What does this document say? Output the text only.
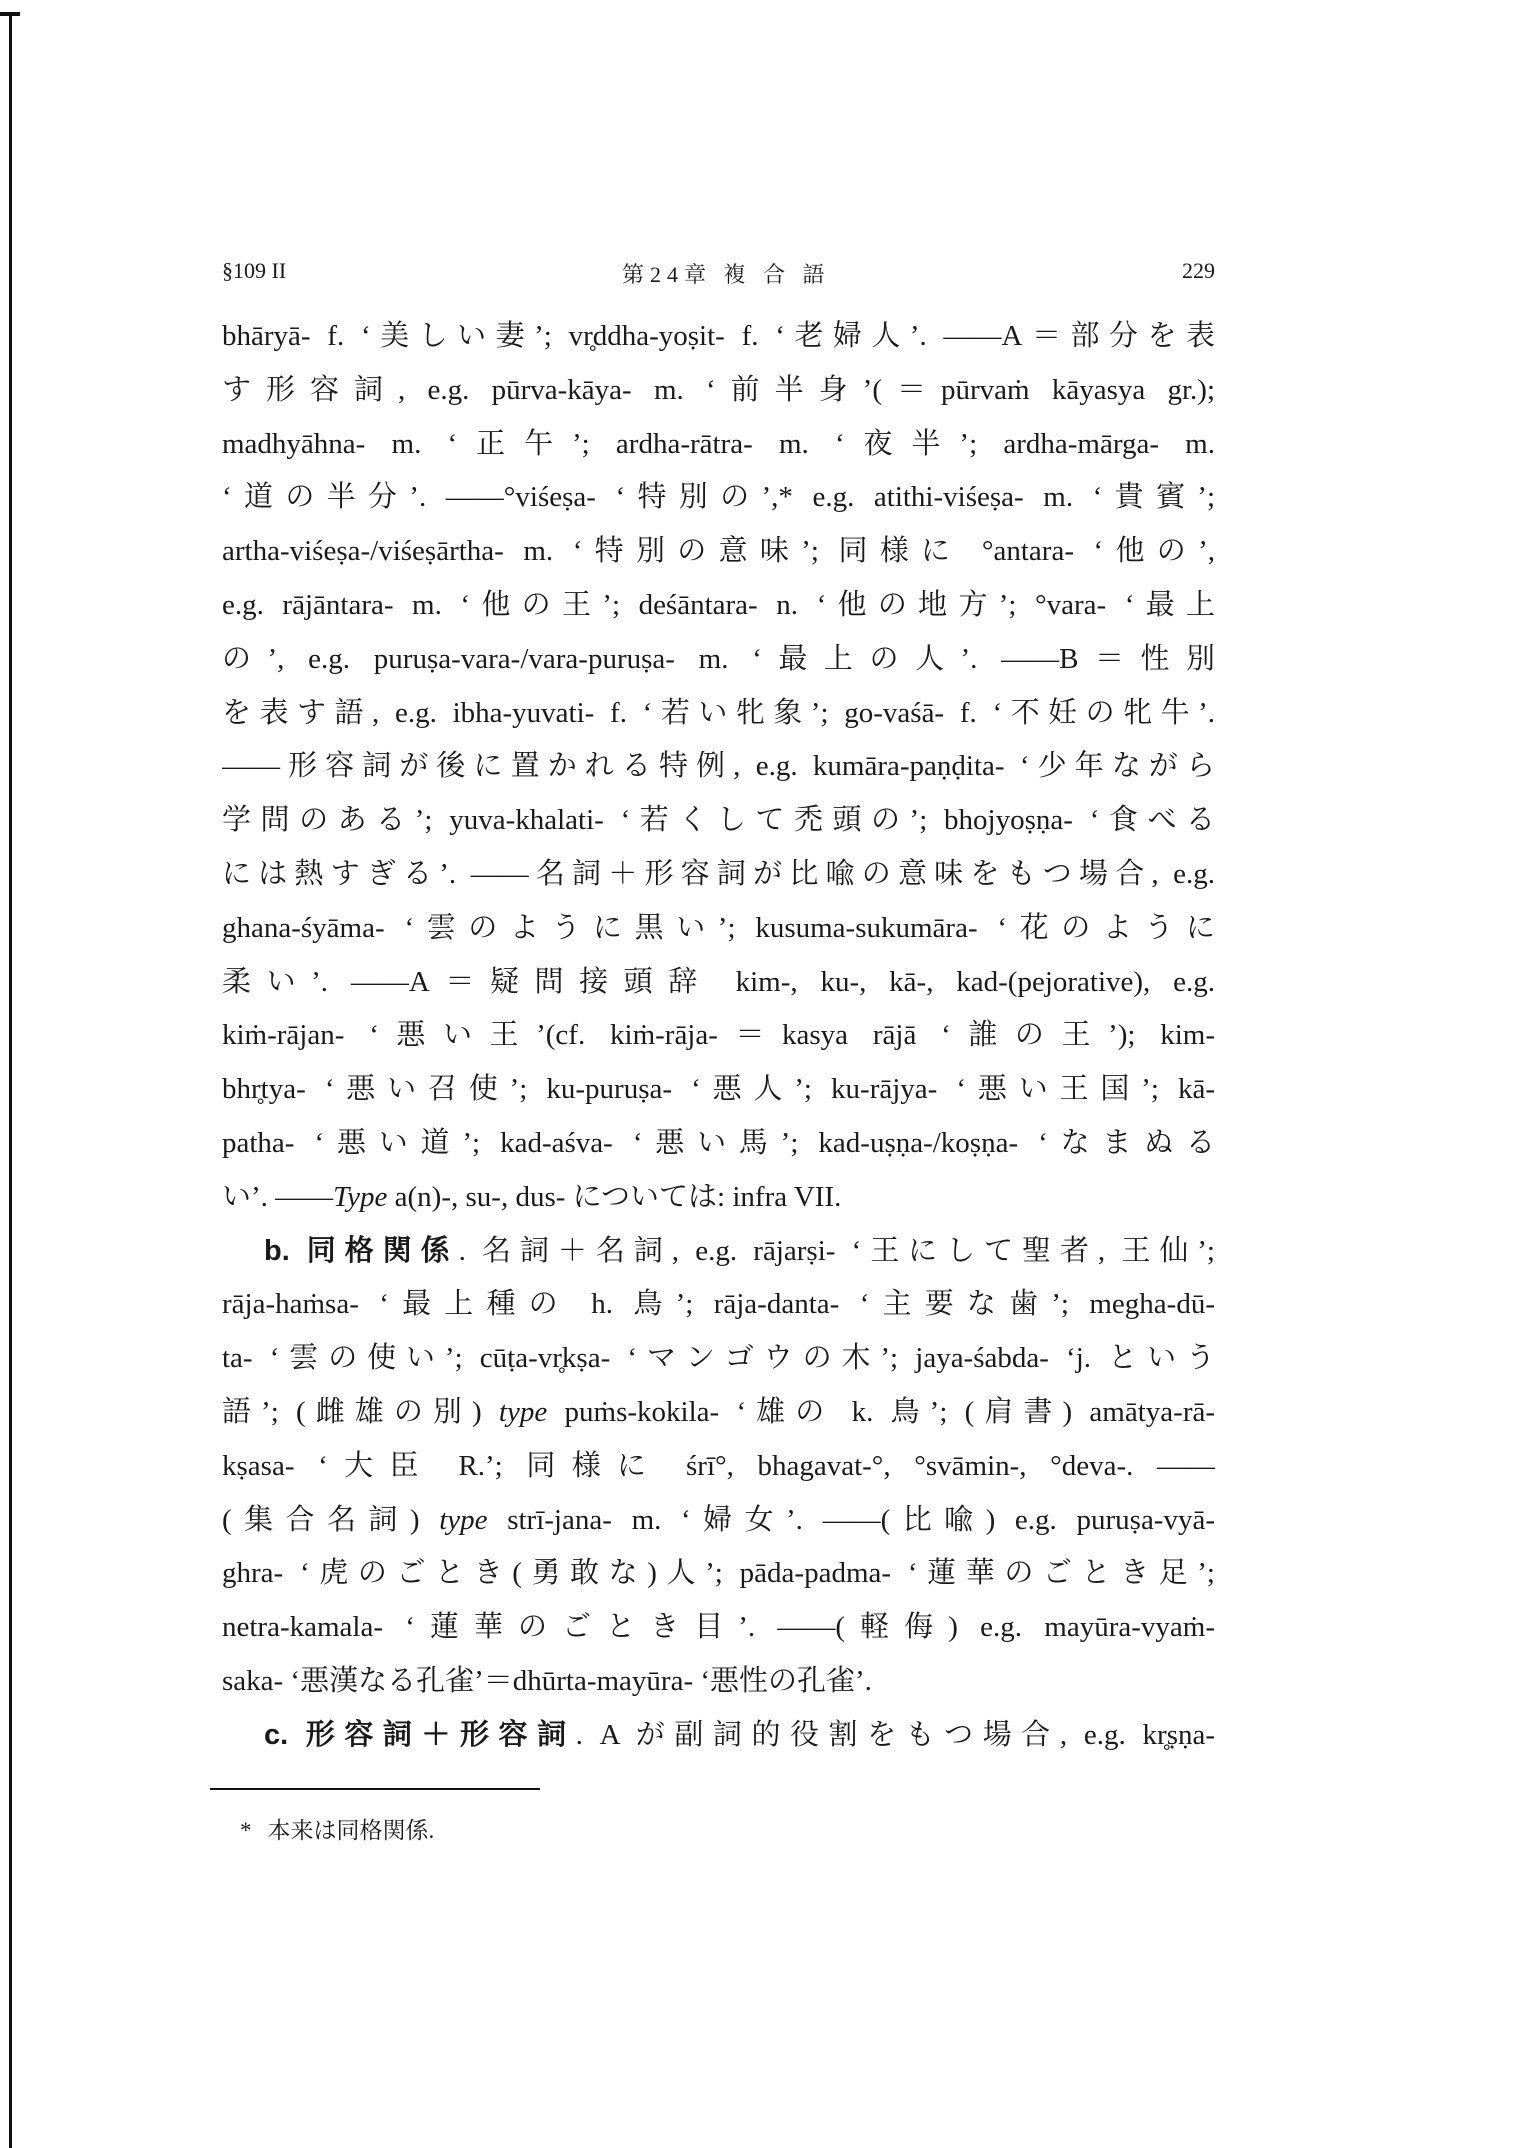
§109 II	第24章 複 合 語	229
bhāryā- f. ‘美しい妻’; vr̥ddha-yoṣit- f. ‘老婦人’. ——A＝部分を表
す形容詞, e.g. pūrva-kāya- m. ‘前半身’(＝pūrvaṁ kāyasya gr.);
madhyāhna- m. ‘正午’; ardha-rātra- m. ‘夜半’; ardha-mārga- m.
‘道の半分’. ——°viśeṣa- ‘特別の’,* e.g. atithi-viśeṣa- m. ‘貴賓’;
artha-viśeṣa-/viśeṣārtha- m. ‘特別の意味’; 同様に °antara- ‘他の’,
e.g. rājāntara- m. ‘他の王’; deśāntara- n. ‘他の地方’; °vara- ‘最上
の’, e.g. puruṣa-vara-/vara-puruṣa- m. ‘最上の人’. ——B＝性別
を表す語, e.g. ibha-yuvati- f. ‘若い牝象’; go-vaśā- f. ‘不妊の牝牛’.
——形容詞が後に置かれる特例, e.g. kumāra-paṇḍita- ‘少年ながら
学問のある’; yuva-khalati- ‘若くして禿頭の’; bhojyoṣṇa- ‘食べる
には熱すぎる’. ——名詞＋形容詞が比喩の意味をもつ場合, e.g.
ghana-śyāma- ‘雲のように黒い’; kusuma-sukumāra- ‘花のように
柔い’. ——A＝疑問接頭辞 kim-, ku-, kā-, kad-(pejorative), e.g.
kiṁ-rājan- ‘悪い王’(cf. kiṁ-rāja-＝kasya rājā ‘誰の王’); kim-
bhr̥tya- ‘悪い召使’; ku-puruṣa- ‘悪人’; ku-rājya- ‘悪い王国’; kā-
patha- ‘悪い道’; kad-aśva- ‘悪い馬’; kad-uṣṇa-/koṣṇa- ‘なまぬる
い’. ——Type a(n)-, su-, dus- については: infra VII.
b. 同格関係. 名詞＋名詞, e.g. rājarṣi- ‘王にして聖者, 王仙’;
rāja-haṁsa- ‘最上種の h. 鳥’; rāja-danta- ‘主要な歯’; megha-dū-
ta- ‘雲の使い’; cūṭa-vr̥kṣa- ‘マンゴウの木’; jaya-śabda- ‘j. という
語’; (雌雄の別) type puṁs-kokila- ‘雄の k. 鳥’; (肩書) amātya-rā-
kṣasa- ‘大臣 R.’; 同様に śrī°, bhagavat-°, °svāmin-, °deva-. ——
(集合名詞) type strī-jana- m. ‘婦女’. ——(比喩) e.g. puruṣa-vyā-
ghra- ‘虎のごとき(勇敢な)人’; pāda-padma- ‘蓮華のごとき足’;
netra-kamala- ‘蓮華のごとき目’. ——(軽侮) e.g. mayūra-vyaṁ-
saka- ‘悪漢なる孔雀’＝dhūrta-mayūra- ‘悪性の孔雀’.
c. 形容詞＋形容詞. A が副詞的役割をもつ場合, e.g. kr̥ṣṇa-
* 本来は同格関係.
